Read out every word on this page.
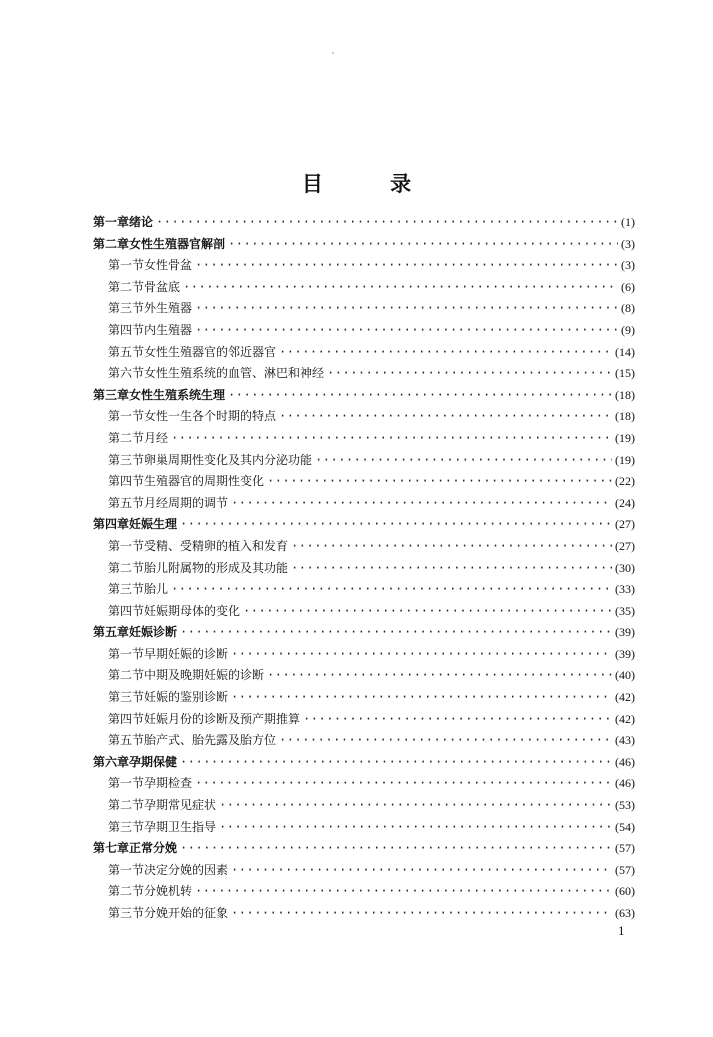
目 录
第一章 绪论 ·····	(1)
第二章 女性生殖器官解剖 ·····	(3)
第一节 女性骨盆 ·····	(3)
第二节 骨盆底 ·····	(6)
第三节 外生殖器 ·····	(8)
第四节 内生殖器 ·····	(9)
第五节 女性生殖器官的邻近器官 ·····	(14)
第六节 女性生殖系统的血管、淋巴和神经 ·····	(15)
第三章 女性生殖系统生理 ·····	(18)
第一节 女性一生各个时期的特点 ·····	(18)
第二节 月经 ·····	(19)
第三节 卵巢周期性变化及其内分泌功能 ·····	(19)
第四节 生殖器官的周期性变化 ·····	(22)
第五节 月经周期的调节 ·····	(24)
第四章 妊娠生理 ·····	(27)
第一节 受精、受精卵的植入和发育 ·····	(27)
第二节 胎儿附属物的形成及其功能 ·····	(30)
第三节 胎儿 ·····	(33)
第四节 妊娠期母体的变化 ·····	(35)
第五章 妊娠诊断 ·····	(39)
第一节 早期妊娠的诊断 ·····	(39)
第二节 中期及晚期妊娠的诊断 ·····	(40)
第三节 妊娠的鉴别诊断 ·····	(42)
第四节 妊娠月份的诊断及预产期推算 ·····	(42)
第五节 胎产式、胎先露及胎方位 ·····	(43)
第六章 孕期保健 ·····	(46)
第一节 孕期检查 ·····	(46)
第二节 孕期常见症状 ·····	(53)
第三节 孕期卫生指导 ·····	(54)
第七章 正常分娩 ·····	(57)
第一节 决定分娩的因素 ·····	(57)
第二节 分娩机转 ·····	(60)
第三节 分娩开始的征象 ·····	(63)
1
